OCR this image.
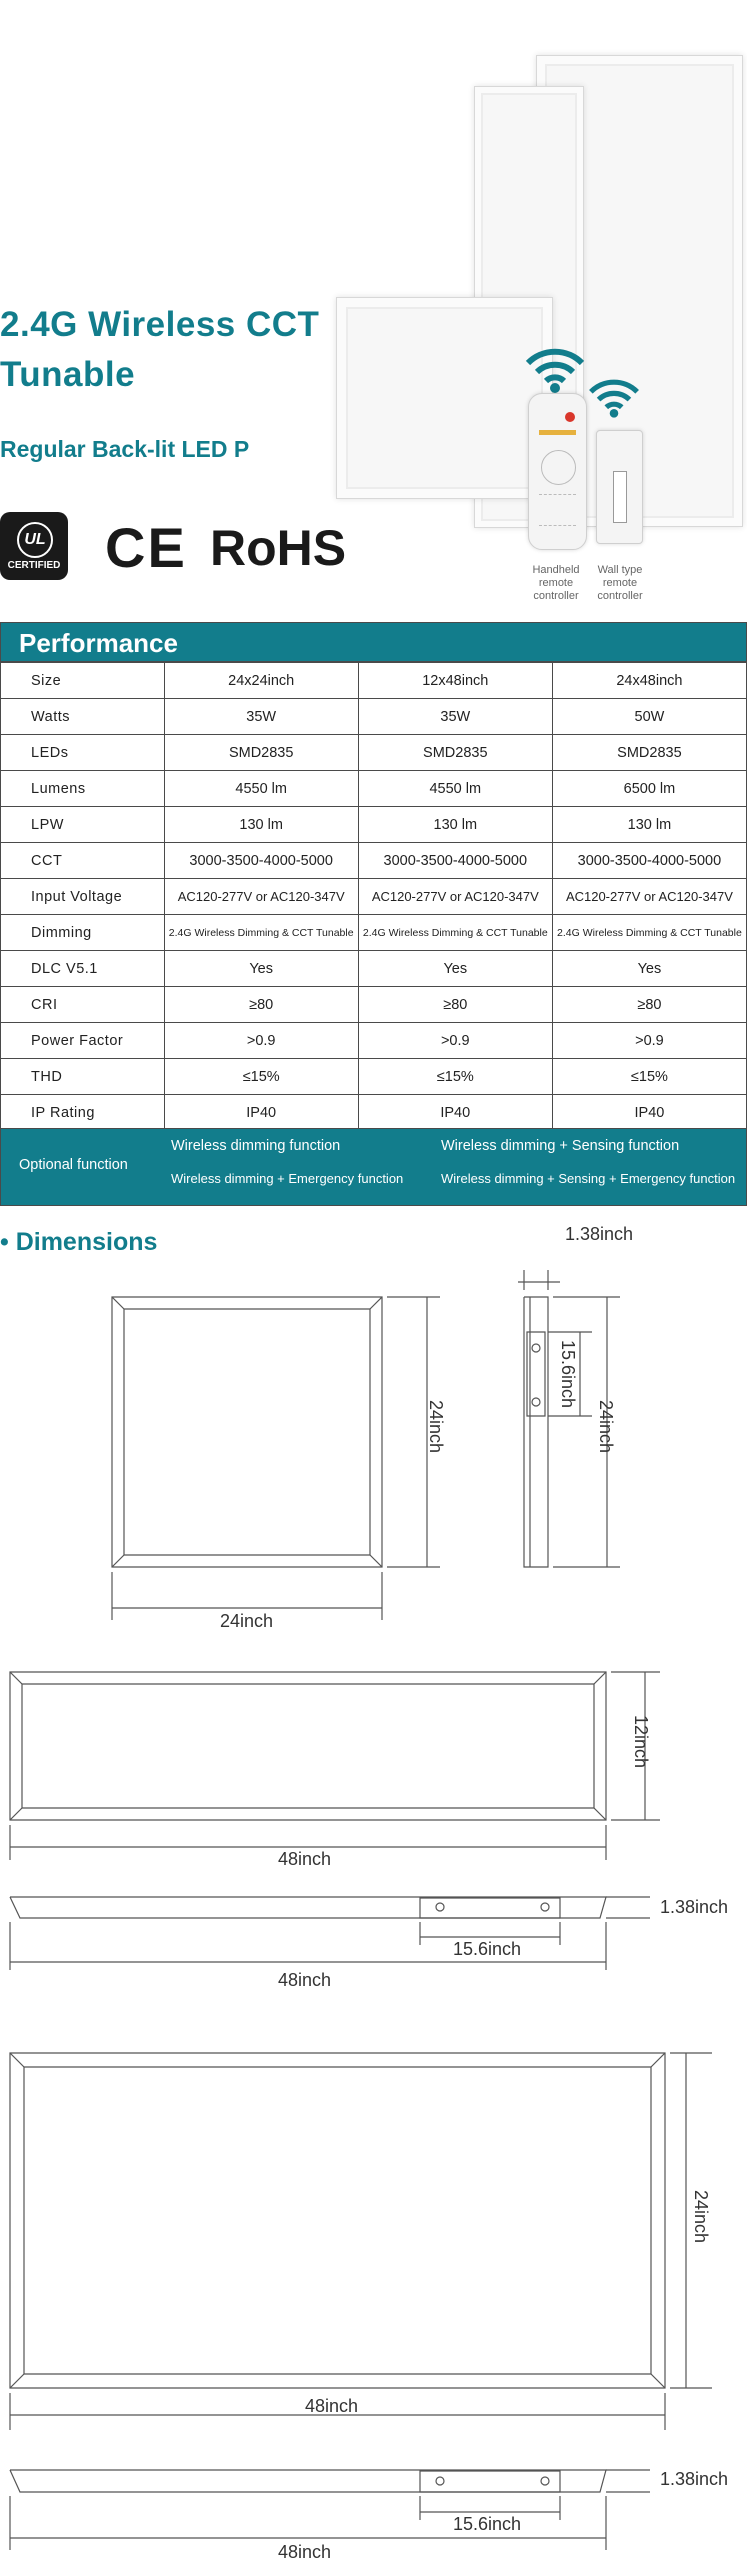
2.4G Wireless CCT
Tunable
Regular Back-lit LED P
UL
CERTIFIED CE RoHS	Handheld
remote
controller
Wall type
remote
controller

Size	24x24inch	12x48inch	24x48inch
Watts	35W	35W	50W
LEDs	SMD2835	SMD2835	SMD2835
Lumens	4550 lm	4550 lm	6500 lm
LPW	130 lm	130 lm	130 lm
CCT	3000-3500-4000-5000	3000-3500-4000-5000	3000-3500-4000-5000
Input Voltage	AC120-277V or AC120-347V	AC120-277V or AC120-347V	AC120-277V or AC120-347V
Dimming	2.4G Wireless Dimming & CCT Tunable	2.4G Wireless Dimming & CCT Tunable	2.4G Wireless Dimming & CCT Tunable
DLC V5.1	Yes	Yes	Yes
CRI	≥80	≥80	≥80
Power Factor	>0.9	>0.9	>0.9
THD	≤15%	≤15%	≤15%
IP Rating	IP40	IP40	IP40
Performance
Optional function
Wireless dimming function	Wireless dimming + Sensing function
Wireless dimming + Emergency function	Wireless dimming + Sensing + Emergency function
• Dimensions
24inch
24inch
1.38inch
15.6inch
24inch
12inch
48inch
1.38inch
15.6inch
48inch
24inch
48inch
1.38inch
15.6inch
48inch
